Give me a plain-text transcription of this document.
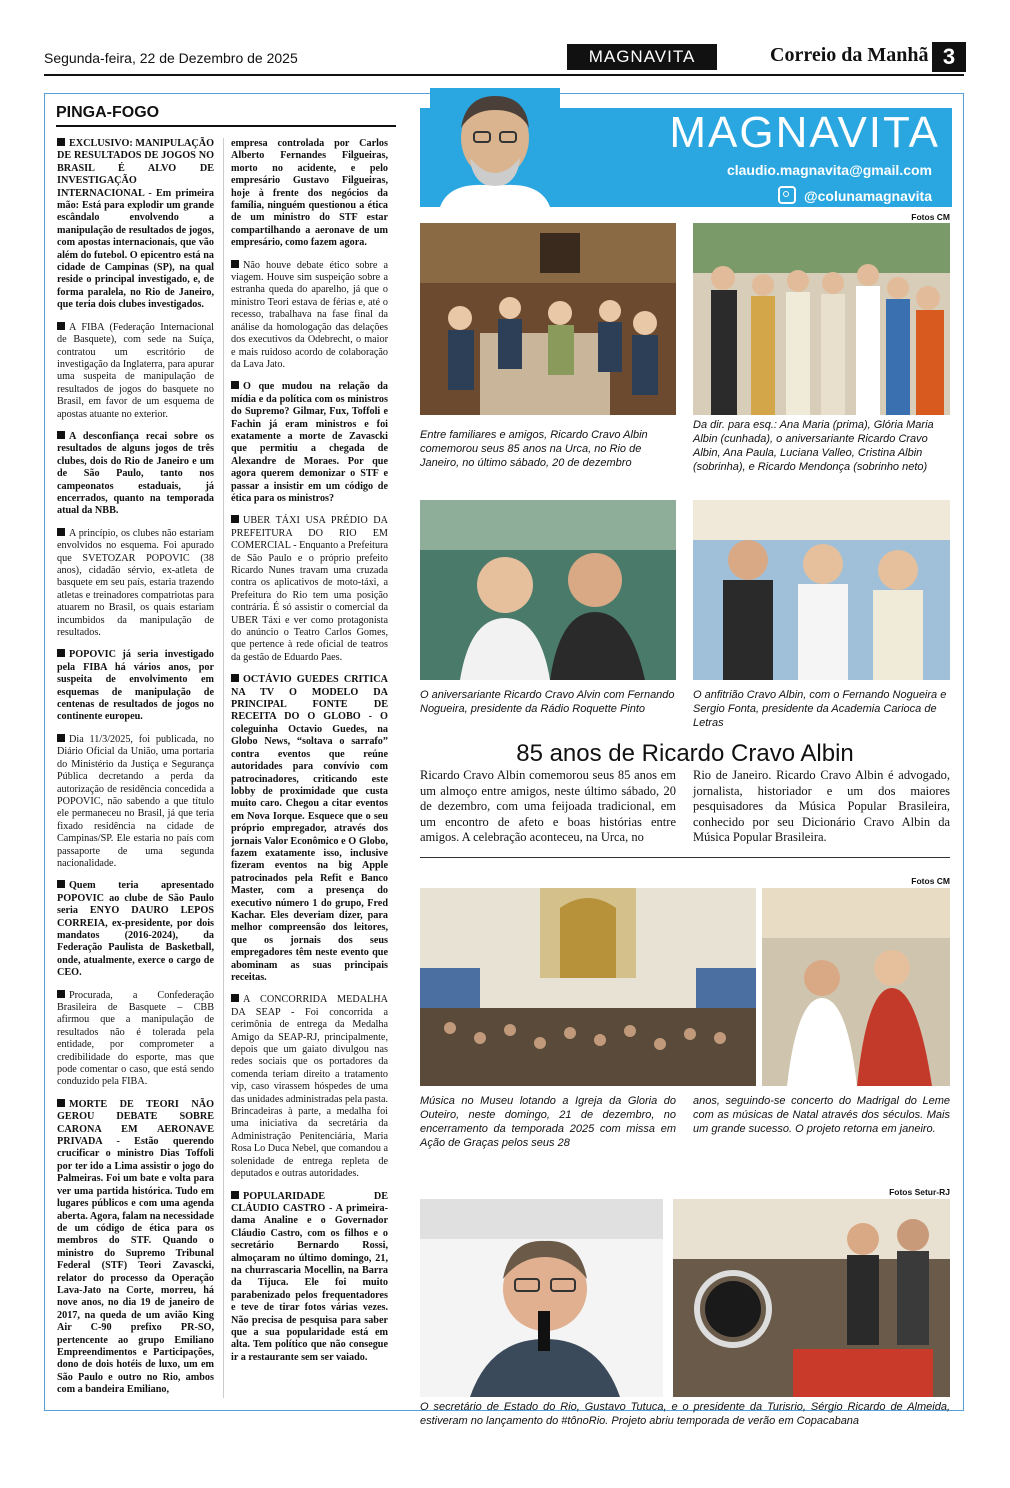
Segunda-feira, 22 de Dezembro de 2025	MAGNAVITA	Correio da Manhã 3
PINGA-FOGO

EXCLUSIVO: MANIPULAÇÃO DE RESULTADOS DE JOGOS NO BRASIL É ALVO DE INVESTIGAÇÃO INTERNACIONAL - Em primeira mão: Está para explodir um grande escândalo envolvendo a manipulação de resultados de jogos, com apostas internacionais, que vão além do futebol. O epicentro está na cidade de Campinas (SP), na qual reside o principal investigado, e, de forma paralela, no Rio de Janeiro, que teria dois clubes investigados.

A FIBA (Federação Internacional de Basquete), com sede na Suíça, contratou um escritório de investigação da Inglaterra, para apurar uma suspeita de manipulação de resultados de jogos do basquete no Brasil, em favor de um esquema de apostas atuante no exterior.

A desconfiança recai sobre os resultados de alguns jogos de três clubes, dois do Rio de Janeiro e um de São Paulo, tanto nos campeonatos estaduais, já encerrados, quanto na temporada atual da NBB.

A princípio, os clubes não estariam envolvidos no esquema. Foi apurado que SVETOZAR POPOVIC (38 anos), cidadão sérvio, ex-atleta de basquete em seu país, estaria trazendo atletas e treinadores compatriotas para atuarem no Brasil, os quais estariam incumbidos da manipulação de resultados.

POPOVIC já seria investigado pela FIBA há vários anos, por suspeita de envolvimento em esquemas de manipulação de centenas de resultados de jogos no continente europeu.

Dia 11/3/2025, foi publicada, no Diário Oficial da União, uma portaria do Ministério da Justiça e Segurança Pública decretando a perda da autorização de residência concedida a POPOVIC, não sabendo a que título ele permaneceu no Brasil, já que teria fixado residência na cidade de Campinas/SP. Ele estaria no país com passaporte de uma segunda nacionalidade.

Quem teria apresentado POPOVIC ao clube de São Paulo seria ENYO DAURO LEPOS CORREIA, ex-presidente, por dois mandatos (2016-2024), da Federação Paulista de Basketball, onde, atualmente, exerce o cargo de CEO.

Procurada, a Confederação Brasileira de Basquete – CBB afirmou que a manipulação de resultados não é tolerada pela entidade, por comprometer a credibilidade do esporte, mas que pode comentar o caso, que está sendo conduzido pela FIBA.

MORTE DE TEORI NÃO GEROU DEBATE SOBRE CARONA EM AERONAVE PRIVADA - Estão querendo crucificar o ministro Dias Toffoli por ter ido a Lima assistir o jogo do Palmeiras. Foi um bate e volta para ver uma partida histórica. Tudo em lugares públicos e com uma agenda aberta. Agora, falam na necessidade de um código de ética para os membros do STF. Quando o ministro do Supremo Tribunal Federal (STF) Teori Zavascki, relator do processo da Operação Lava-Jato na Corte, morreu, há nove anos, no dia 19 de janeiro de 2017, na queda de um avião King Air C-90 prefixo PR-SO, pertencente ao grupo Emiliano Empreendimentos e Participações, dono de dois hotéis de luxo, um em São Paulo e outro no Rio, ambos com a bandeira Emiliano,

empresa controlada por Carlos Alberto Fernandes Filgueiras, morto no acidente, e pelo empresário Gustavo Filgueiras, hoje à frente dos negócios da família, ninguém questionou a ética de um ministro do STF estar compartilhando a aeronave de um empresário, como fazem agora.

Não houve debate ético sobre a viagem. Houve sim suspeição sobre a estranha queda do aparelho, já que o ministro Teori estava de férias e, até o recesso, trabalhava na fase final da análise da homologação das delações dos executivos da Odebrecht, o maior e mais ruidoso acordo de colaboração da Lava Jato.

O que mudou na relação da mídia e da política com os ministros do Supremo? Gilmar, Fux, Toffoli e Fachin já eram ministros e foi exatamente a morte de Zavascki que permitiu a chegada de Alexandre de Moraes. Por que agora querem demonizar o STF e passar a insistir em um código de ética para os ministros?

UBER TÁXI USA PRÉDIO DA PREFEITURA DO RIO EM COMERCIAL - Enquanto a Prefeitura de São Paulo e o próprio prefeito Ricardo Nunes travam uma cruzada contra os aplicativos de moto-táxi, a Prefeitura do Rio tem uma posição contrária. É só assistir o comercial da UBER Táxi e ver como protagonista do anúncio o Teatro Carlos Gomes, que pertence à rede oficial de teatros da gestão de Eduardo Paes.

OCTÁVIO GUEDES CRITICA NA TV O MODELO DA PRINCIPAL FONTE DE RECEITA DO O GLOBO - O coleguinha Octavio Guedes, na Globo News, “soltava o sarrafo” contra eventos que reúne autoridades para convívio com patrocinadores, criticando este lobby de proximidade que custa muito caro. Chegou a citar eventos em Nova Iorque. Esquece que o seu próprio empregador, através dos jornais Valor Econômico e O Globo, fazem exatamente isso, inclusive fizeram eventos na big Apple patrocinados pela Refit e Banco Master, com a presença do executivo número 1 do grupo, Fred Kachar. Eles deveriam dizer, para melhor compreensão dos leitores, que os jornais dos seus empregadores têm neste evento que abominam as suas principais receitas.

A CONCORRIDA MEDALHA DA SEAP - Foi concorrida a cerimônia de entrega da Medalha Amigo da SEAP-RJ, principalmente, depois que um gaiato divulgou nas redes sociais que os portadores da comenda teriam direito a tratamento vip, caso virassem hóspedes de uma das unidades administradas pela pasta. Brincadeiras à parte, a medalha foi uma iniciativa da secretária da Administração Penitenciária, Maria Rosa Lo Duca Nebel, que comandou a solenidade de entrega repleta de deputados e outras autoridades.

POPULARIDADE DE CLÁUDIO CASTRO - A primeira-dama Analine e o Governador Cláudio Castro, com os filhos e o secretário Bernardo Rossi, almoçaram no último domingo, 21, na churrascaria Mocellin, na Barra da Tijuca. Ele foi muito parabenizado pelos frequentadores e teve de tirar fotos várias vezes. Não precisa de pesquisa para saber que a sua popularidade está em alta. Tem político que não consegue ir a restaurante sem ser vaiado.

MAGNAVITA
claudio.magnavita@gmail.com
@colunamagnavita
Fotos CM
Entre familiares e amigos, Ricardo Cravo Albin comemorou seus 85 anos na Urca, no Rio de Janeiro, no último sábado, 20 de dezembro
Da dir. para esq.: Ana Maria (prima), Glória Maria Albin (cunhada), o aniversariante Ricardo Cravo Albin, Ana Paula, Luciana Valleo, Cristina Albin (sobrinha), e Ricardo Mendonça (sobrinho neto)
O aniversariante Ricardo Cravo Alvin com Fernando Nogueira, presidente da Rádio Roquette Pinto
O anfitrião Cravo Albin, com o Fernando Nogueira e Sergio Fonta, presidente da Academia Carioca de Letras
85 anos de Ricardo Cravo Albin
Ricardo Cravo Albin comemorou seus 85 anos em um almoço entre amigos, neste último sábado, 20 de dezembro, com uma feijoada tradicional, em um encontro de afeto e boas histórias entre amigos. A celebração aconteceu, na Urca, no
Rio de Janeiro. Ricardo Cravo Albin é advogado, jornalista, historiador e um dos maiores pesquisadores da Música Popular Brasileira, conhecido por seu Dicionário Cravo Albin da Música Popular Brasileira.
Fotos CM
Música no Museu lotando a Igreja da Gloria do Outeiro, neste domingo, 21 de dezembro, no encerramento da temporada 2025 com missa em Ação de Graças pelos seus 28
anos, seguindo-se concerto do Madrigal do Leme com as músicas de Natal através dos séculos. Mais um grande sucesso. O projeto retorna em janeiro.
Fotos Setur-RJ
O secretário de Estado do Rio, Gustavo Tutuca, e o presidente da Turisrio, Sérgio Ricardo de Almeida, estiveram no lançamento do #tônoRio. Projeto abriu temporada de verão em Copacabana
